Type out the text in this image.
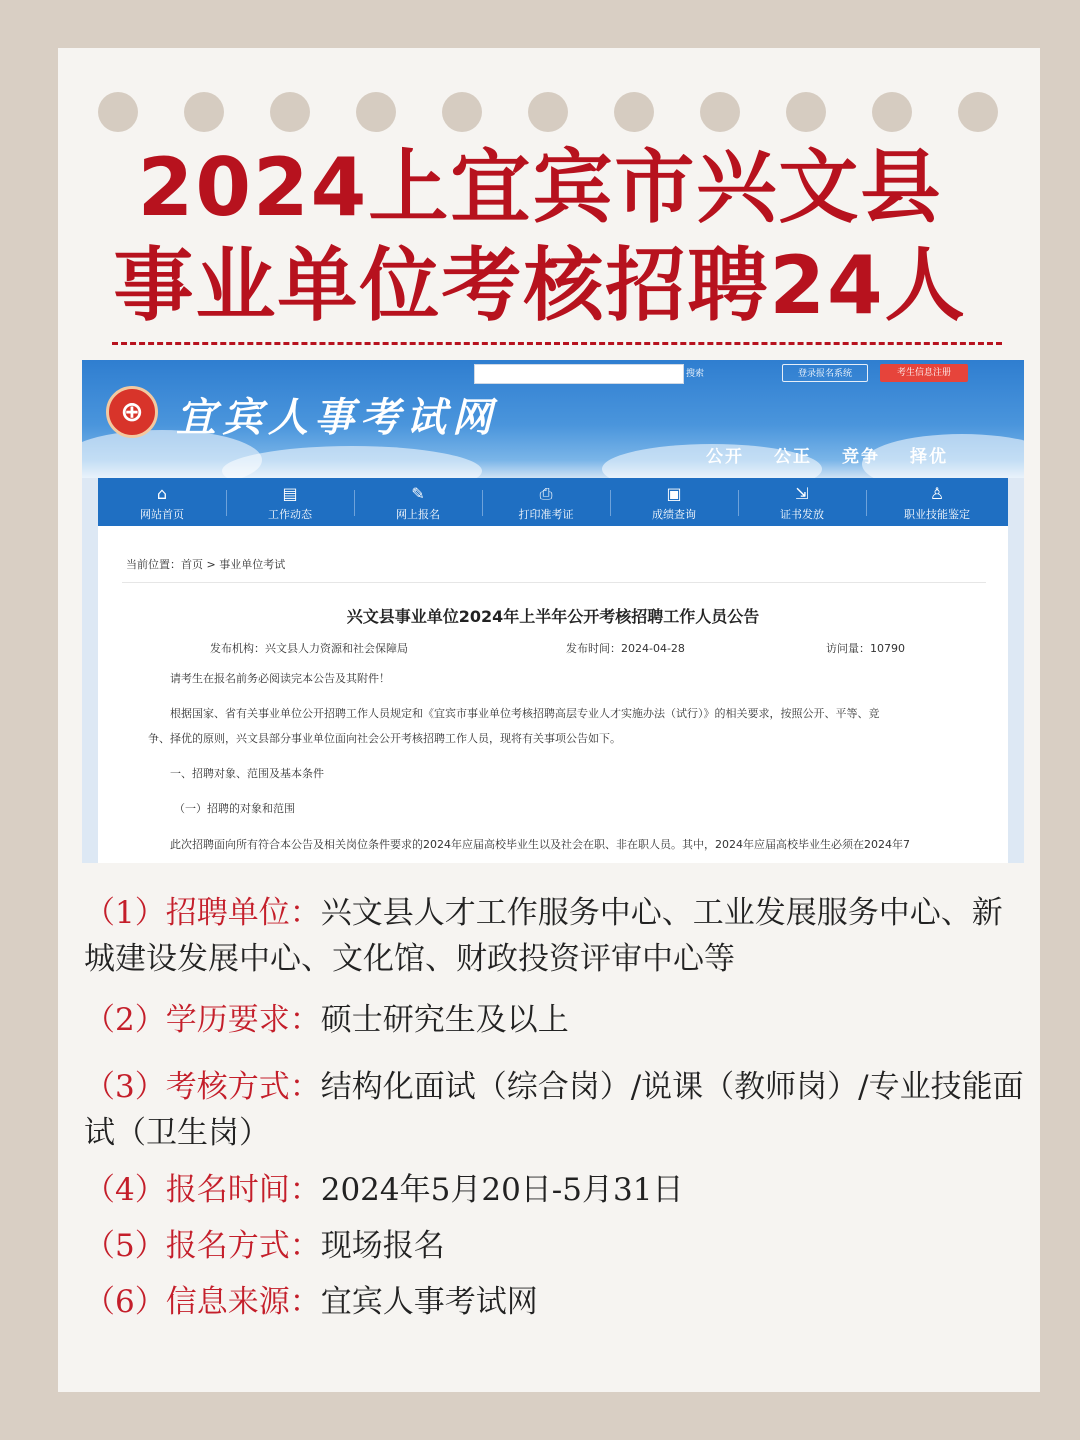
2024上宜宾市兴文县
事业单位考核招聘24人
⊕ 宜宾人事考试网
搜索	登录报名系统	考生信息注册
公开 公正 竞争 择优
⌂
网站首页
▤
工作动态
✎
网上报名
⎙
打印准考证
▣
成绩查询
⇲
证书发放
♙
职业技能鉴定
当前位置：首页 > 事业单位考试
兴文县事业单位2024年上半年公开考核招聘工作人员公告
发布机构：兴文县人力资源和社会保障局	发布时间：2024-04-28	访问量：10790
请考生在报名前务必阅读完本公告及其附件！
根据国家、省有关事业单位公开招聘工作人员规定和《宜宾市事业单位考核招聘高层专业人才实施办法（试行）》的相关要求，按照公开、平等、竞
争、择优的原则，兴文县部分事业单位面向社会公开考核招聘工作人员，现将有关事项公告如下。
一、招聘对象、范围及基本条件
（一）招聘的对象和范围
此次招聘面向所有符合本公告及相关岗位条件要求的2024年应届高校毕业生以及社会在职、非在职人员。其中，2024年应届高校毕业生必须在2024年7
（1）招聘单位：兴文县人才工作服务中心、工业发展服务中心、新城建设发展中心、文化馆、财政投资评审中心等
（2）学历要求：硕士研究生及以上
（3）考核方式：结构化面试（综合岗）/说课（教师岗）/专业技能面试（卫生岗）
（4）报名时间：2024年5月20日-5月31日
（5）报名方式：现场报名
（6）信息来源：宜宾人事考试网
